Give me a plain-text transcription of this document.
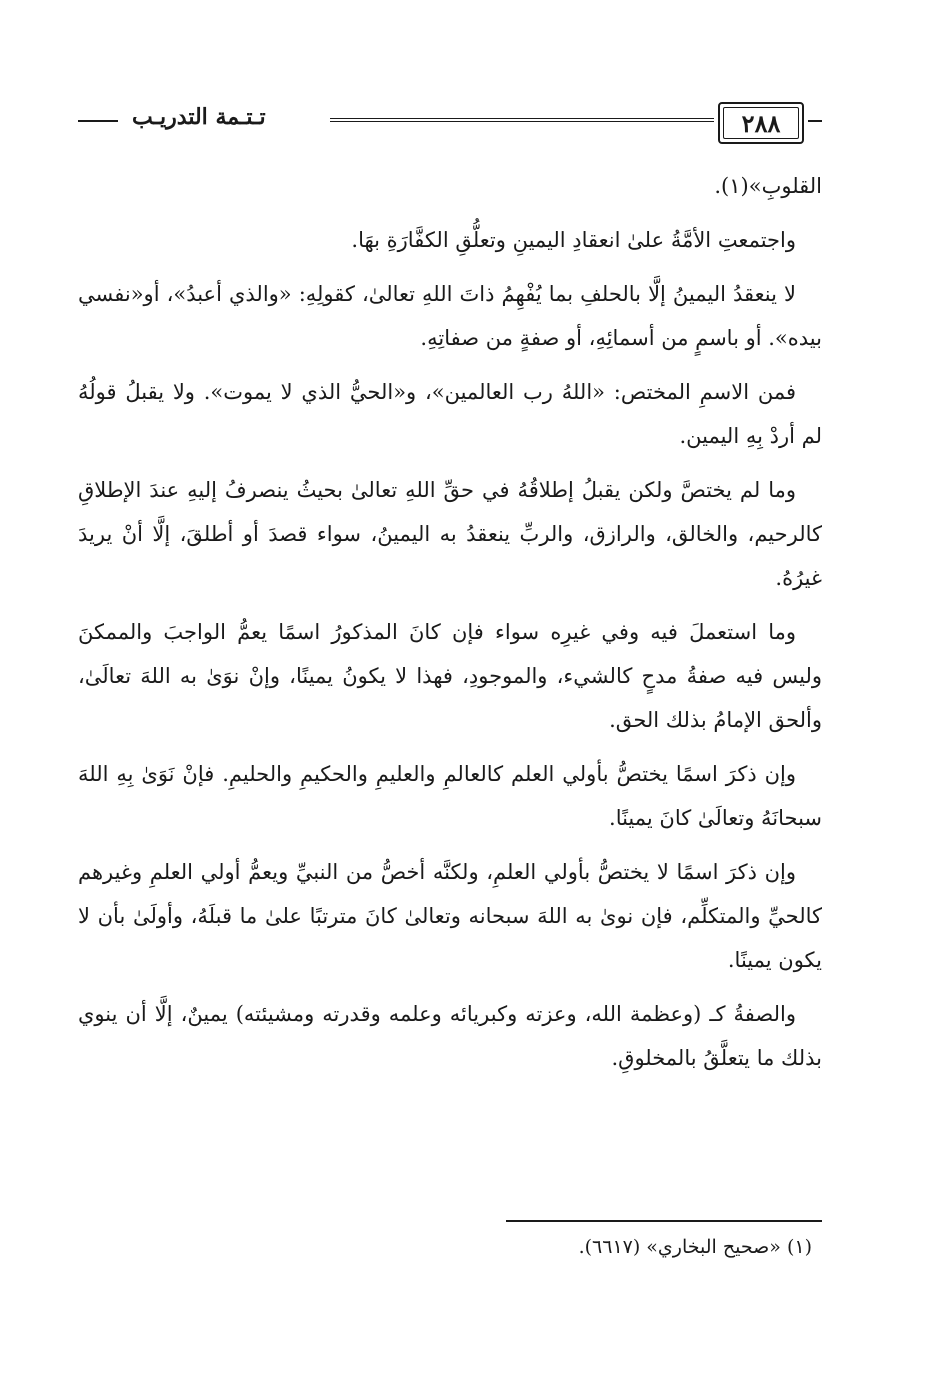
٢٨٨
تـتـمة التدريـب

القلوبِ»(١).

واجتمعتِ الأمَّةُ علىٰ انعقادِ اليمينِ وتعلُّقِ الكفَّارَةِ بهَا.

لا ينعقدُ اليمينُ إلَّا بالحلفِ بما يُفْهِمُ ذاتَ اللهِ تعالىٰ، كقولِهِ: «والذي أعبدُ»، أو«نفسي بيده». أو باسمٍ من أسمائِهِ، أو صفةٍ من صفاتِهِ.

فمن الاسمِ المختص: «اللهُ رب العالمين»، و«الحيُّ الذي لا يموت». ولا يقبلُ قولُهُ لم أردْ بِهِ اليمين.

وما لم يختصَّ ولكن يقبلُ إطلاقُهُ في حقِّ اللهِ تعالىٰ بحيثُ ينصرفُ إليهِ عندَ الإطلاقِ كالرحيم، والخالق، والرازق، والربِّ ينعقدُ به اليمينُ، سواء قصدَ أو أطلقَ، إلَّا أنْ يريدَ غيرُهُ.

وما استعملَ فيه وفي غيرِه سواء فإن كانَ المذكورُ اسمًا يعمُّ الواجبَ والممكنَ وليس فيه صفةُ مدحٍ كالشيء، والموجودِ، فهذا لا يكونُ يمينًا، وإنْ نوَىٰ به اللهَ تعالَىٰ، وألحق الإمامُ بذلك الحق.

وإن ذكرَ اسمًا يختصُّ بأولي العلم كالعالمِ والعليمِ والحكيمِ والحليمِ. فإنْ نَوَىٰ بِهِ اللهَ سبحانَهُ وتعالَىٰ كانَ يمينًا.

وإن ذكرَ اسمًا لا يختصُّ بأولي العلمِ، ولكنَّه أخصُّ من النبيِّ ويعمُّ أولي العلمِ وغيرهم كالحيِّ والمتكلِّم، فإن نوىٰ به اللهَ سبحانه وتعالىٰ كانَ مترتبًا علىٰ ما قبلَهُ، وأولَىٰ بأن لا يكون يمينًا.

والصفةُ كـ (وعظمة الله، وعزته وكبريائه وعلمه وقدرته ومشيئته) يمينٌ، إلَّا أن ينوي بذلك ما يتعلَّقُ بالمخلوقِ.

(١) «صحيح البخاري» (٦٦١٧).
